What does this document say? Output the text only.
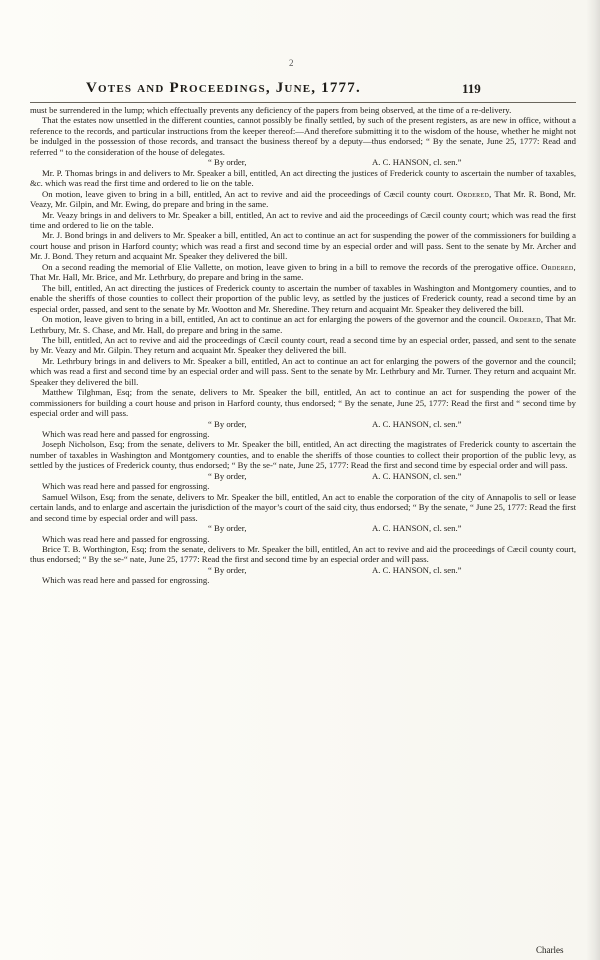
2
Votes and Proceedings, June, 1777.	119

must be surrendered in the lump; which effectually prevents any deficiency of the papers from being observed, at the time of a re-delivery.

That the estates now unsettled in the different counties, cannot possibly be finally settled, by such of the present registers, as are new in office, without a reference to the records, and particular instructions from the keeper thereof:—And therefore submitting it to the wisdom of the house, whether he might not be indulged in the possession of those records, and transact the business thereof by a deputy—thus endorsed; “ By the senate, June 25, 1777: Read and referred “ to the consideration of the house of delegates.

“ By order,	A. C. HANSON, cl. sen.”

Mr. P. Thomas brings in and delivers to Mr. Speaker a bill, entitled, An act directing the justices of Frederick county to ascertain the number of taxables, &c. which was read the first time and ordered to lie on the table.

On motion, leave given to bring in a bill, entitled, An act to revive and aid the proceedings of Cæcil county court. Ordered, That Mr. R. Bond, Mr. Veazy, Mr. Gilpin, and Mr. Ewing, do prepare and bring in the same.

Mr. Veazy brings in and delivers to Mr. Speaker a bill, entitled, An act to revive and aid the proceedings of Cæcil county court; which was read the first time and ordered to lie on the table.

Mr. J. Bond brings in and delivers to Mr. Speaker a bill, entitled, An act to continue an act for suspending the power of the commissioners for building a court house and prison in Harford county; which was read a first and second time by an especial order and will pass. Sent to the senate by Mr. Archer and Mr. J. Bond. They return and acquaint Mr. Speaker they delivered the bill.

On a second reading the memorial of Elie Vallette, on motion, leave given to bring in a bill to remove the records of the prerogative office. Ordered, That Mr. Hall, Mr. Brice, and Mr. Lethrbury, do prepare and bring in the same.

The bill, entitled, An act directing the justices of Frederick county to ascertain the number of taxables in Washington and Montgomery counties, and to enable the sheriffs of those counties to collect their proportion of the public levy, as settled by the justices of Frederick county, read a second time by an especial order, passed, and sent to the senate by Mr. Wootton and Mr. Sheredine. They return and acquaint Mr. Speaker they delivered the bill.

On motion, leave given to bring in a bill, entitled, An act to continue an act for enlarging the powers of the governor and the council. Ordered, That Mr. Lethrbury, Mr. S. Chase, and Mr. Hall, do prepare and bring in the same.

The bill, entitled, An act to revive and aid the proceedings of Cæcil county court, read a second time by an especial order, passed, and sent to the senate by Mr. Veazy and Mr. Gilpin. They return and acquaint Mr. Speaker they delivered the bill.

Mr. Lethrbury brings in and delivers to Mr. Speaker a bill, entitled, An act to continue an act for enlarging the powers of the governor and the council; which was read a first and second time by an especial order and will pass. Sent to the senate by Mr. Lethrbury and Mr. Turner. They return and acquaint Mr. Speaker they delivered the bill.

Matthew Tilghman, Esq; from the senate, delivers to Mr. Speaker the bill, entitled, An act to continue an act for suspending the power of the commissioners for building a court house and prison in Harford county, thus endorsed; “ By the senate, June 25, 1777: Read the first and “ second time by especial order and will pass.

“ By order,	A. C. HANSON, cl. sen.”

Which was read here and passed for engrossing.

Joseph Nicholson, Esq; from the senate, delivers to Mr. Speaker the bill, entitled, An act directing the magistrates of Frederick county to ascertain the number of taxables in Washington and Montgomery counties, and to enable the sheriffs of those counties to collect their proportion of the public levy, as settled by the justices of Frederick county, thus endorsed; “ By the se-“ nate, June 25, 1777: Read the first and second time by especial order and will pass.

“ By order,	A. C. HANSON, cl. sen.”

Which was read here and passed for engrossing.

Samuel Wilson, Esq; from the senate, delivers to Mr. Speaker the bill, entitled, An act to enable the corporation of the city of Annapolis to sell or lease certain lands, and to enlarge and ascertain the jurisdiction of the mayor’s court of the said city, thus endorsed; “ By the senate, “ June 25, 1777: Read the first and second time by especial order and will pass.

“ By order,	A. C. HANSON, cl. sen.”

Which was read here and passed for engrossing.

Brice T. B. Worthington, Esq; from the senate, delivers to Mr. Speaker the bill, entitled, An act to revive and aid the proceedings of Cæcil county court, thus endorsed; “ By the se-“ nate, June 25, 1777: Read the first and second time by an especial order and will pass.

“ By order,	A. C. HANSON, cl. sen.”

Which was read here and passed for engrossing.

Charles
